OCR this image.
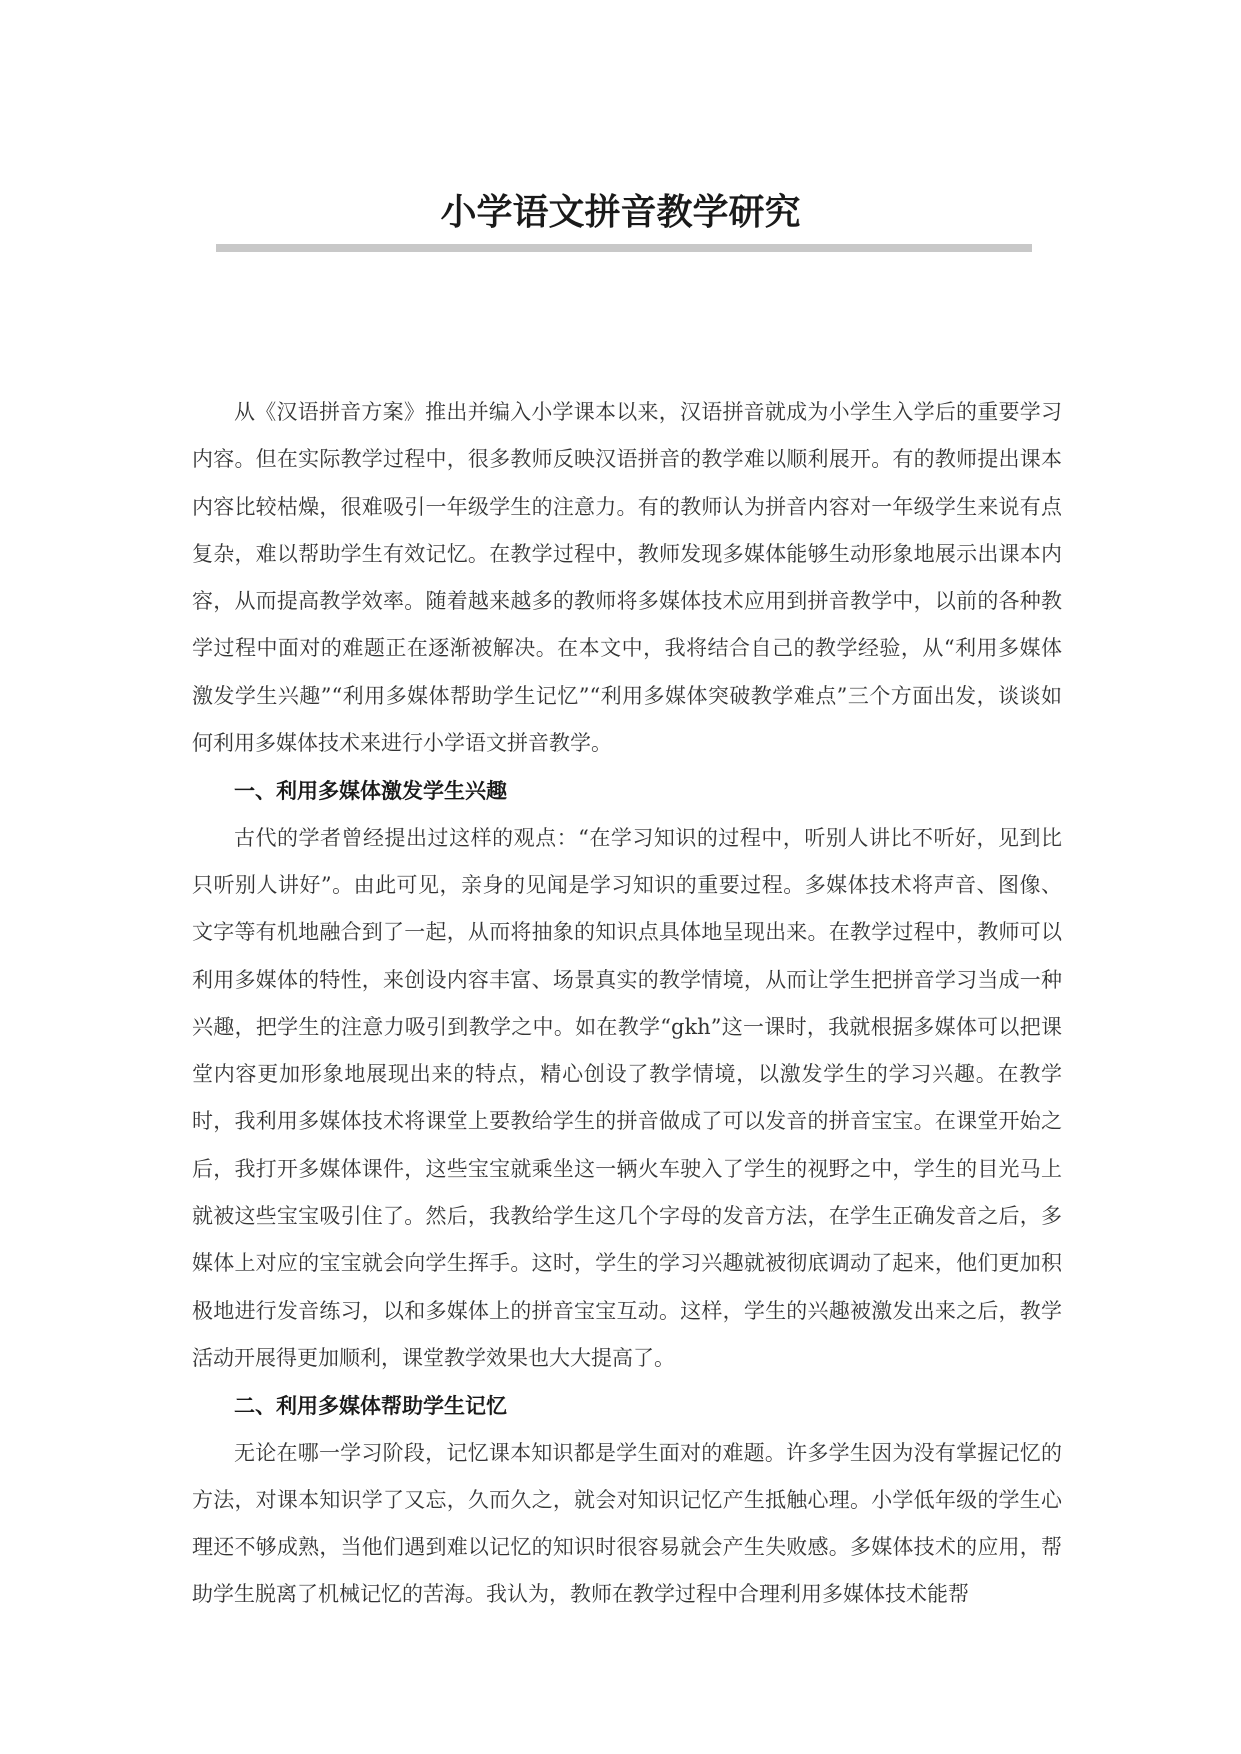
小学语文拼音教学研究

从《汉语拼音方案》推出并编入小学课本以来，汉语拼音就成为小学生入学后的重要学习内容。但在实际教学过程中，很多教师反映汉语拼音的教学难以顺利展开。有的教师提出课本内容比较枯燥，很难吸引一年级学生的注意力。有的教师认为拼音内容对一年级学生来说有点复杂，难以帮助学生有效记忆。在教学过程中，教师发现多媒体能够生动形象地展示出课本内容，从而提高教学效率。随着越来越多的教师将多媒体技术应用到拼音教学中，以前的各种教学过程中面对的难题正在逐渐被解决。在本文中，我将结合自己的教学经验，从“利用多媒体激发学生兴趣”“利用多媒体帮助学生记忆”“利用多媒体突破教学难点”三个方面出发，谈谈如何利用多媒体技术来进行小学语文拼音教学。

一、利用多媒体激发学生兴趣

古代的学者曾经提出过这样的观点：“在学习知识的过程中，听别人讲比不听好，见到比只听别人讲好”。由此可见，亲身的见闻是学习知识的重要过程。多媒体技术将声音、图像、文字等有机地融合到了一起，从而将抽象的知识点具体地呈现出来。在教学过程中，教师可以利用多媒体的特性，来创设内容丰富、场景真实的教学情境，从而让学生把拼音学习当成一种兴趣，把学生的注意力吸引到教学之中。如在教学“gkh”这一课时，我就根据多媒体可以把课堂内容更加形象地展现出来的特点，精心创设了教学情境，以激发学生的学习兴趣。在教学时，我利用多媒体技术将课堂上要教给学生的拼音做成了可以发音的拼音宝宝。在课堂开始之后，我打开多媒体课件，这些宝宝就乘坐这一辆火车驶入了学生的视野之中，学生的目光马上就被这些宝宝吸引住了。然后，我教给学生这几个字母的发音方法，在学生正确发音之后，多媒体上对应的宝宝就会向学生挥手。这时，学生的学习兴趣就被彻底调动了起来，他们更加积极地进行发音练习，以和多媒体上的拼音宝宝互动。这样，学生的兴趣被激发出来之后，教学活动开展得更加顺利，课堂教学效果也大大提高了。

二、利用多媒体帮助学生记忆

无论在哪一学习阶段，记忆课本知识都是学生面对的难题。许多学生因为没有掌握记忆的方法，对课本知识学了又忘，久而久之，就会对知识记忆产生抵触心理。小学低年级的学生心理还不够成熟，当他们遇到难以记忆的知识时很容易就会产生失败感。多媒体技术的应用，帮助学生脱离了机械记忆的苦海。我认为，教师在教学过程中合理利用多媒体技术能帮
